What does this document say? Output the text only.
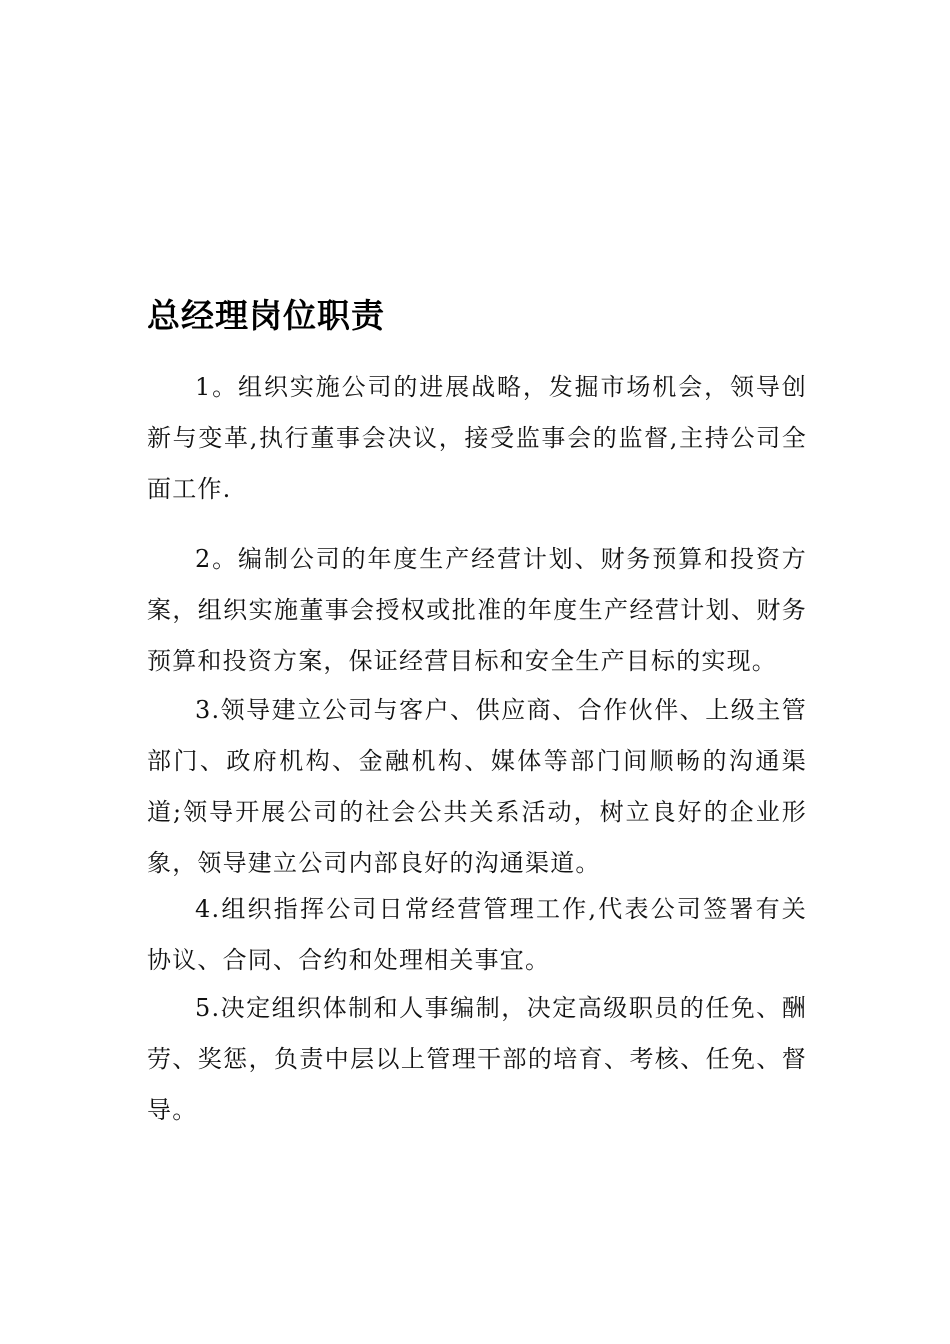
总经理岗位职责

1。组织实施公司的进展战略，发掘市场机会，领导创新与变革,执行董事会决议，接受监事会的监督,主持公司全面工作.

2。编制公司的年度生产经营计划、财务预算和投资方案，组织实施董事会授权或批准的年度生产经营计划、财务预算和投资方案，保证经营目标和安全生产目标的实现。

3.领导建立公司与客户、供应商、合作伙伴、上级主管部门、政府机构、金融机构、媒体等部门间顺畅的沟通渠道;领导开展公司的社会公共关系活动，树立良好的企业形象，领导建立公司内部良好的沟通渠道。

4.组织指挥公司日常经营管理工作,代表公司签署有关协议、合同、合约和处理相关事宜。

5.决定组织体制和人事编制，决定高级职员的任免、酬劳、奖惩，负责中层以上管理干部的培育、考核、任免、督导。
